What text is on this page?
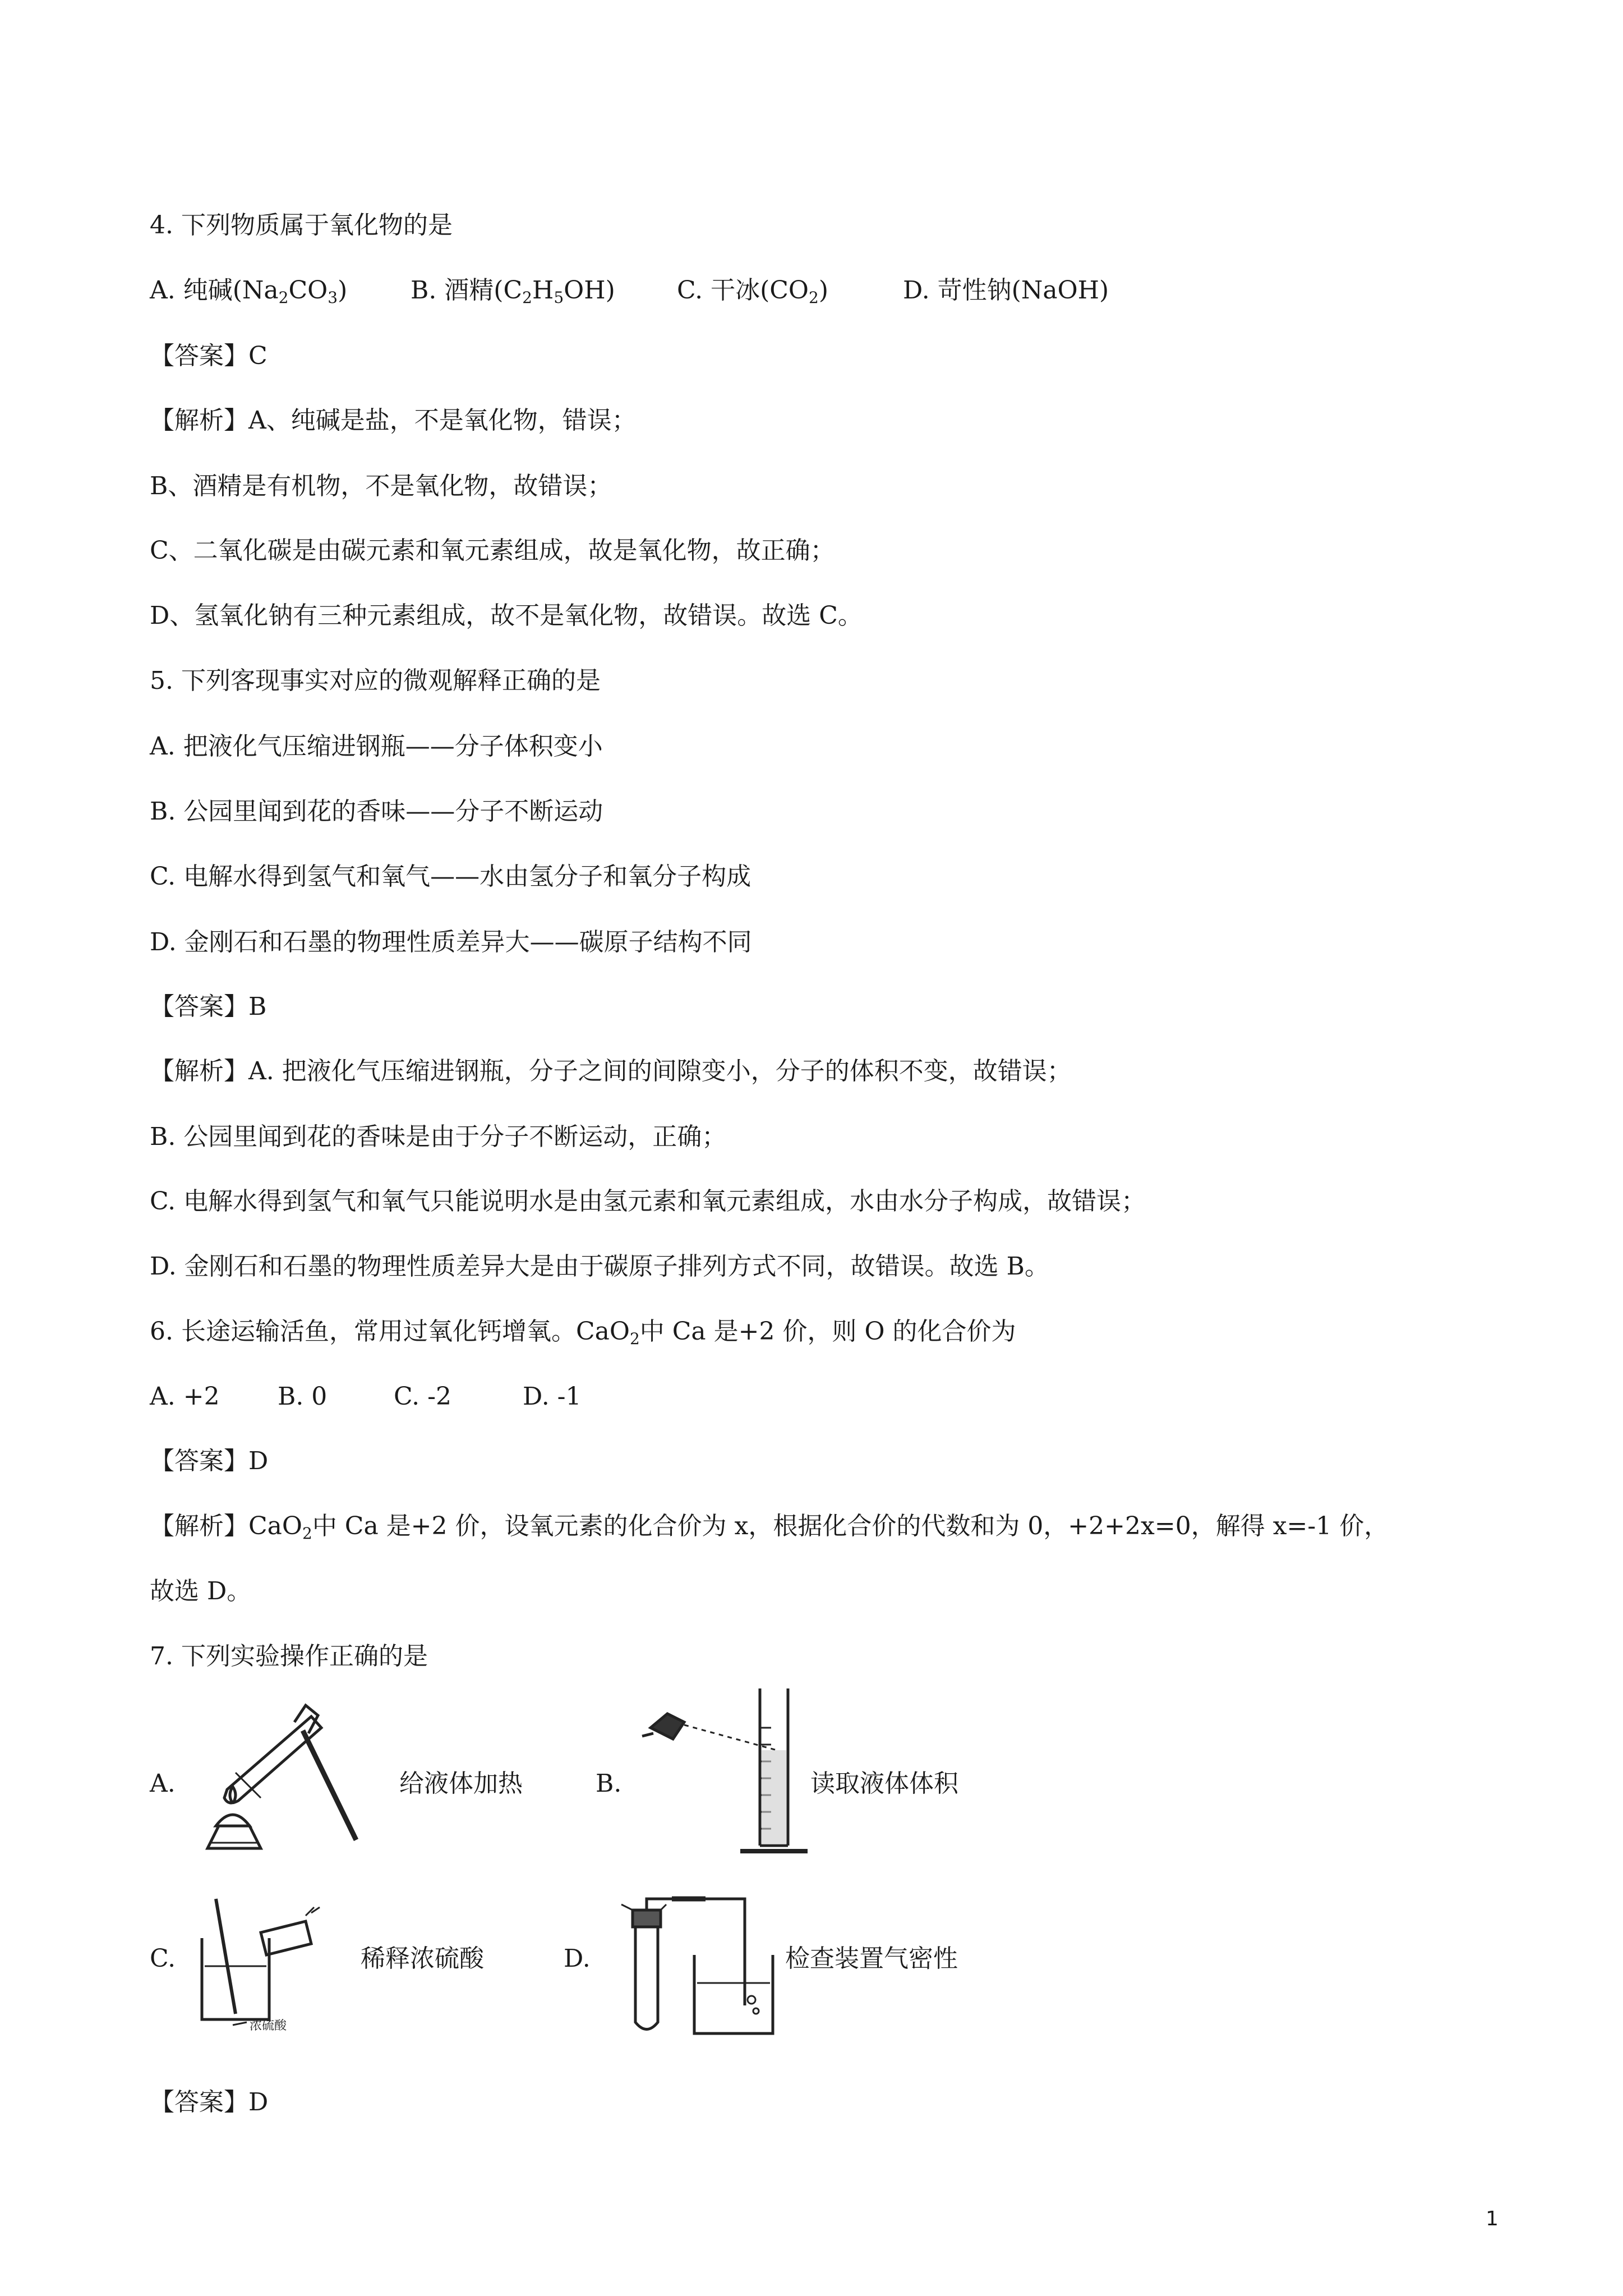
4. 下列物质属于氧化物的是
A. 纯碱$(Na_2CO_3)$	B. 酒精$(C_2H_5OH)$	C. 干冰$(CO_2)$	D. 苛性钠(NaOH)
【答案】C
【解析】A、纯碱是盐，不是氧化物，错误；
B、酒精是有机物，不是氧化物，故错误；
C、二氧化碳是由碳元素和氧元素组成，故是氧化物，故正确；
D、氢氧化钠有三种元素组成，故不是氧化物，故错误。故选 C。
5. 下列客现事实对应的微观解释正确的是
A. 把液化气压缩进钢瓶——分子体积变小
B. 公园里闻到花的香味——分子不断运动
C. 电解水得到氢气和氧气——水由氢分子和氧分子构成
D. 金刚石和石墨的物理性质差异大——碳原子结构不同
【答案】B
【解析】A. 把液化气压缩进钢瓶，分子之间的间隙变小，分子的体积不变，故错误；
B. 公园里闻到花的香味是由于分子不断运动，正确；
C. 电解水得到氢气和氧气只能说明水是由氢元素和氧元素组成，水由水分子构成，故错误；
D. 金刚石和石墨的物理性质差异大是由于碳原子排列方式不同，故错误。故选 B。
6. 长途运输活鱼，常用过氧化钙增氧。CaO$_2$中 Ca 是+2 价，则 O 的化合价为
A. +2 B. 0	C. -2	D. -1
【答案】D
【解析】CaO$_2$中 Ca 是+2 价，设氧元素的化合价为 x，根据化合价的代数和为 0，+2+2x=0，解得 x=-1 价，
故选 D。
7. 下列实验操作正确的是
A.	给液体加热	B.	读取液体体积
C.
浓硫酸
稀释浓硫酸	D.	检查装置气密性
【答案】D
1
